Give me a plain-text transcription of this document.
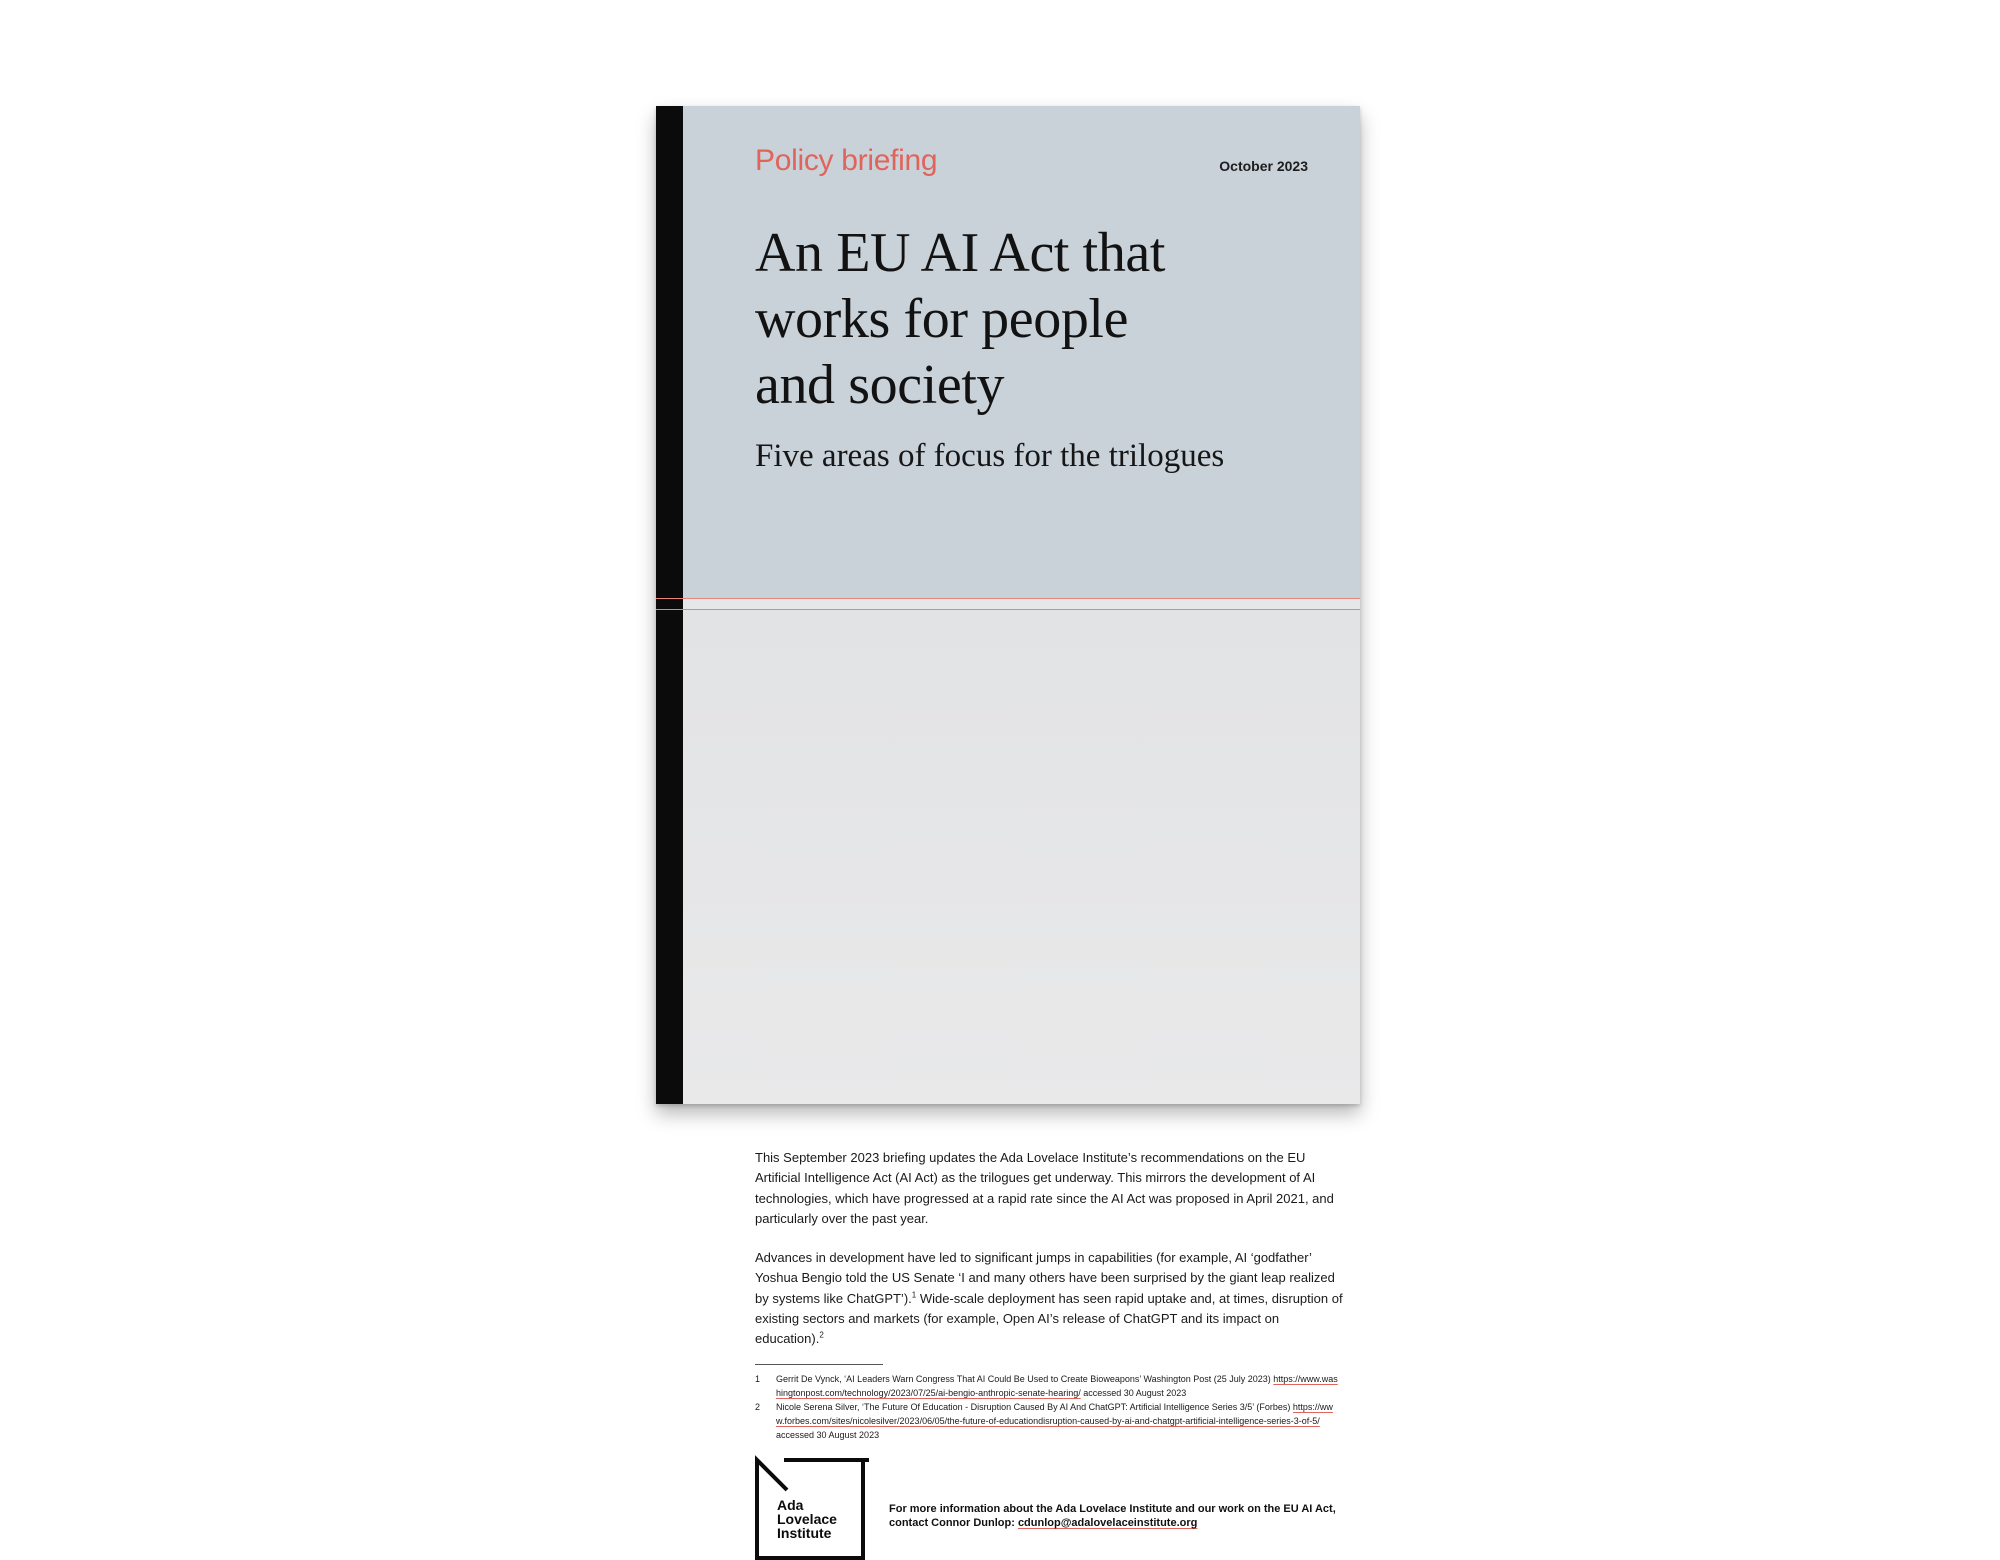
Policy briefing	October 2023
An EU AI Act that
works for people
and society
Five areas of focus for the trilogues

This September 2023 briefing updates the Ada Lovelace Institute’s recommendations on the EU Artificial Intelligence Act (AI Act) as the trilogues get underway. This mirrors the development of AI technologies, which have progressed at a rapid rate since the AI Act was proposed in April 2021, and particularly over the past year.

Advances in development have led to significant jumps in capabilities (for example, AI ‘godfather’ Yoshua Bengio told the US Senate ‘I and many others have been surprised by the giant leap realized by systems like ChatGPT’).$^1$ Wide-scale deployment has seen rapid uptake and, at times, disruption of existing sectors and markets (for example, Open AI’s release of ChatGPT and its impact on education).$^2$

1	Gerrit De Vynck, ‘AI Leaders Warn Congress That AI Could Be Used to Create Bioweapons’ Washington Post (25 July 2023) https://www.washingtonpost.com/technology/2023/07/25/ai-bengio-anthropic-senate-hearing/ accessed 30 August 2023
2	Nicole Serena Silver, ‘The Future Of Education - Disruption Caused By AI And ChatGPT: Artificial Intelligence Series 3/5’ (Forbes) https://www.forbes.com/sites/nicolesilver/2023/06/05/the-future-of-educationdisruption-caused-by-ai-and-chatgpt-artificial-intelligence-series-3-of-5/ accessed 30 August 2023
Ada
Lovelace
Institute
For more information about the Ada Lovelace Institute and our work on the EU AI Act, contact Connor Dunlop: cdunlop@adalovelaceinstitute.org
